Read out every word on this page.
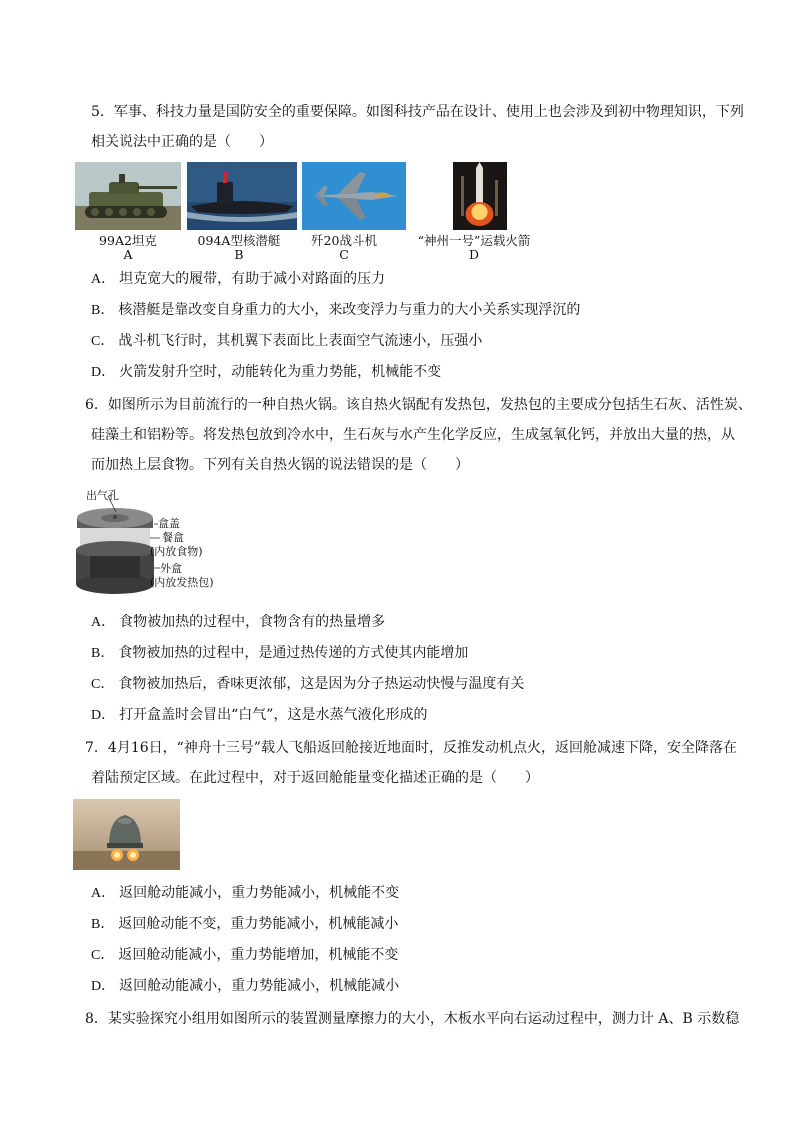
5．军事、科技力量是国防安全的重要保障。如图科技产品在设计、使用上也会涉及到初中物理知识，下列
相关说法中正确的是（　　）
99A2坦克
A
094A型核潜艇
B
歼20战斗机
C
“神州一号”运载火箭
D
A． 坦克宽大的履带，有助于减小对路面的压力
B． 核潜艇是靠改变自身重力的大小，来改变浮力与重力的大小关系实现浮沉的
C． 战斗机飞行时，其机翼下表面比上表面空气流速小，压强小
D． 火箭发射升空时，动能转化为重力势能，机械能不变
6．如图所示为目前流行的一种自热火锅。该自热火锅配有发热包，发热包的主要成分包括生石灰、活性炭、
硅藻土和铝粉等。将发热包放到冷水中，生石灰与水产生化学反应，生成氢氧化钙，并放出大量的热，从
而加热上层食物。下列有关自热火锅的说法错误的是（　　）
出气孔
盒盖
餐盒
(内放食物)
外盒
(内放发热包)
A． 食物被加热的过程中，食物含有的热量增多
B． 食物被加热的过程中，是通过热传递的方式使其内能增加
C． 食物被加热后，香味更浓郁，这是因为分子热运动快慢与温度有关
D． 打开盒盖时会冒出“白气”，这是水蒸气液化形成的
7．4月16日，“神舟十三号”载人飞船返回舱接近地面时，反推发动机点火，返回舱减速下降，安全降落在
着陆预定区域。在此过程中，对于返回舱能量变化描述正确的是（　　）
A． 返回舱动能减小，重力势能减小，机械能不变
B． 返回舱动能不变，重力势能减小，机械能减小
C． 返回舱动能减小，重力势能增加，机械能不变
D． 返回舱动能减小，重力势能减小，机械能减小
8．某实验探究小组用如图所示的装置测量摩擦力的大小，木板水平向右运动过程中，测力计 A、B 示数稳
